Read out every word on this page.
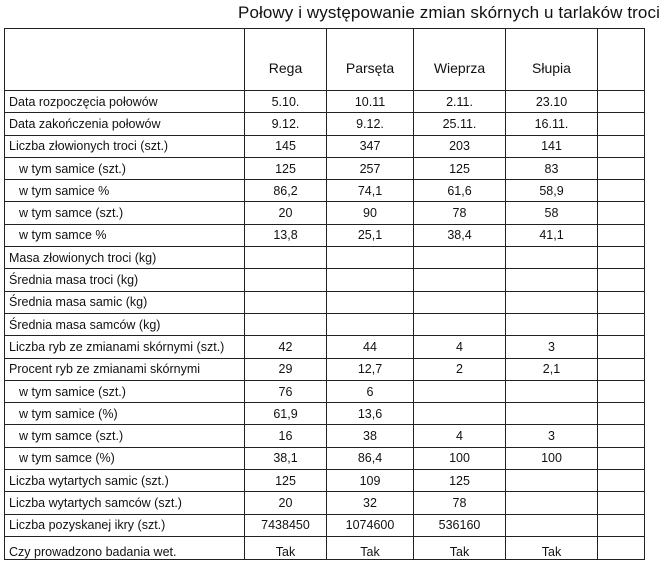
Połowy i występowanie zmian skórnych u tarlaków troci
	Rega	Parsęta	Wieprza	Słupia	
Data rozpoczęcia połowów	5.10.	10.11	2.11.	23.10	
Data zakończenia połowów	9.12.	9.12.	25.11.	16.11.	
Liczba złowionych troci (szt.)	145	347	203	141	
w tym samice (szt.)	125	257	125	83	
w tym samice %	86,2	74,1	61,6	58,9	
w tym samce (szt.)	20	90	78	58	
w tym samce %	13,8	25,1	38,4	41,1	
Masa złowionych troci (kg)					
Średnia masa troci (kg)					
Średnia masa samic (kg)					
Średnia masa samców (kg)					
Liczba ryb ze zmianami skórnymi (szt.)	42	44	4	3	
Procent ryb ze zmianami skórnymi	29	12,7	2	2,1	
w tym samice (szt.)	76	6			
w tym samice (%)	61,9	13,6			
w tym samce (szt.)	16	38	4	3	
w tym samce (%)	38,1	86,4	100	100	
Liczba wytartych samic (szt.)	125	109	125		
Liczba wytartych samców (szt.)	20	32	78		
Liczba pozyskanej ikry (szt.)	7438450	1074600	536160		
Czy prowadzono badania wet.	Tak	Tak	Tak	Tak	
